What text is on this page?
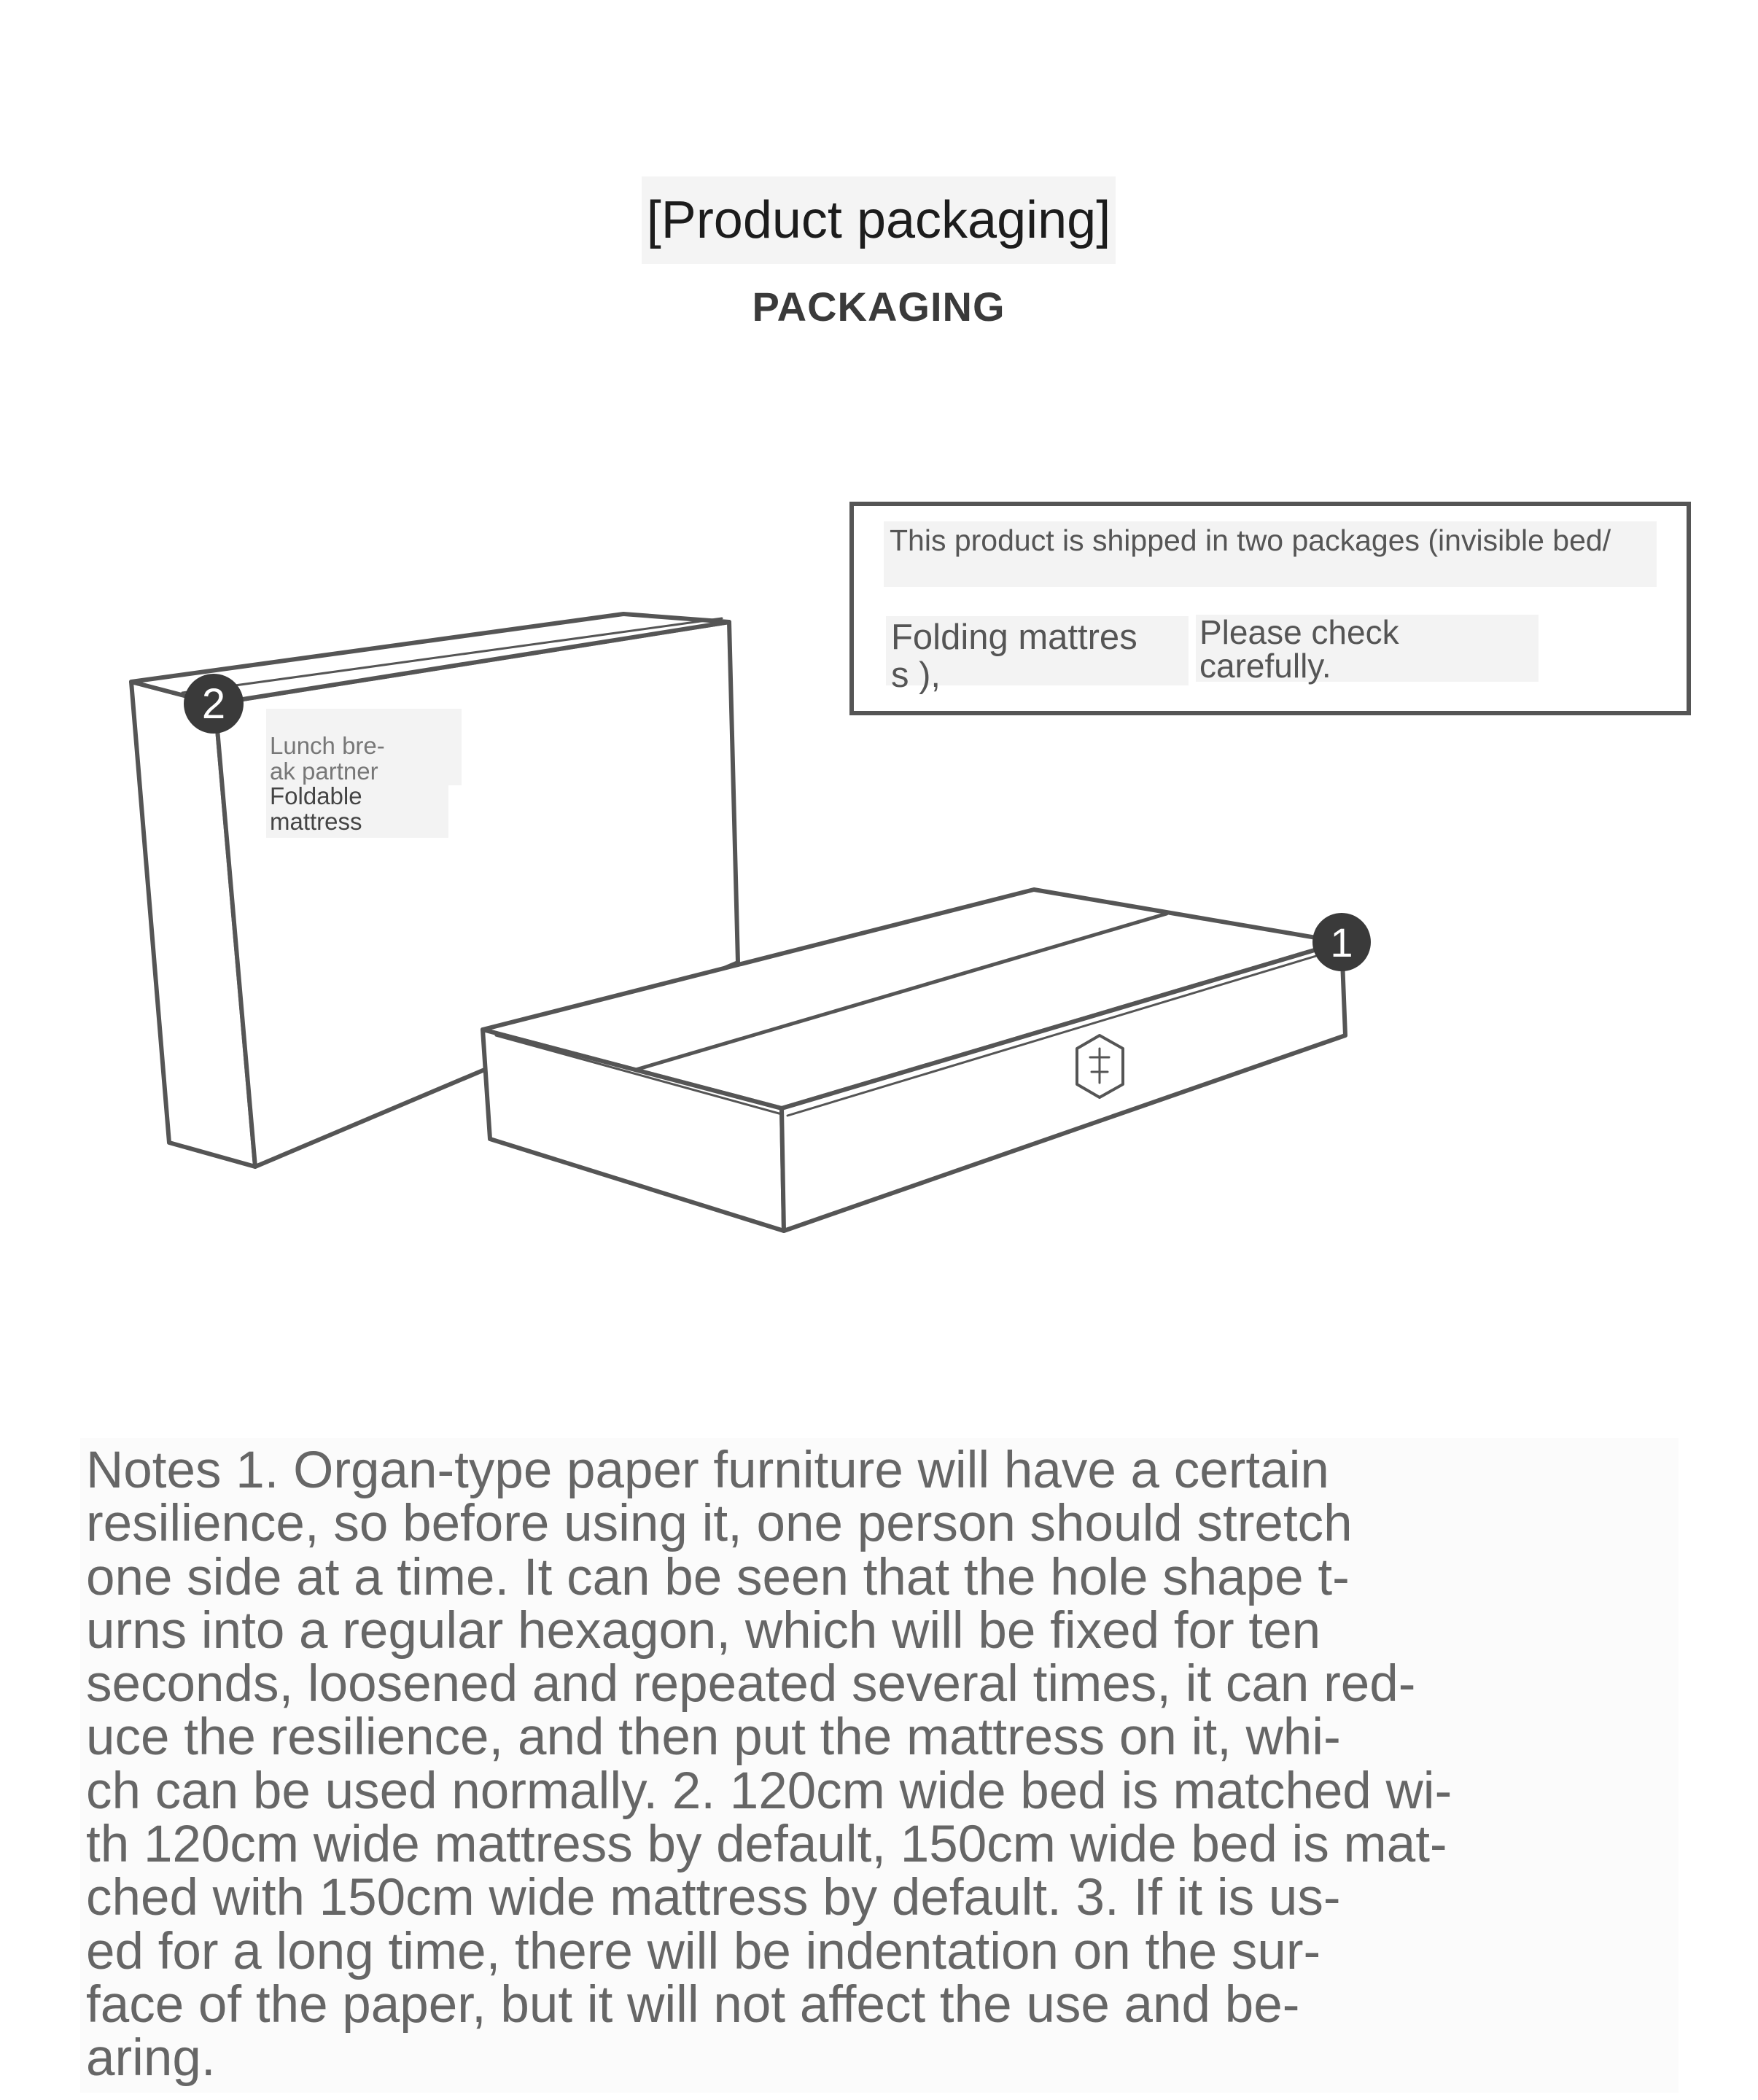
[Product packaging]
PACKAGING
2
1
Lunch bre-
ak partner
Foldable
mattress
This product is shipped in two packages (invisible bed/
Folding mattres
s ),
Please check
carefully.
Notes 1. Organ-type paper furniture will have a certain
resilience, so before using it, one person should stretch
one side at a time. It can be seen that the hole shape t-
urns into a regular hexagon, which will be fixed for ten
seconds, loosened and repeated several times, it can red-
uce the resilience, and then put the mattress on it, whi-
ch can be used normally. 2. 120cm wide bed is matched wi-
th 120cm wide mattress by default, 150cm wide bed is mat-
ched with 150cm wide mattress by default. 3. If it is us-
ed for a long time, there will be indentation on the sur-
face of the paper, but it will not affect the use and be-
aring.
